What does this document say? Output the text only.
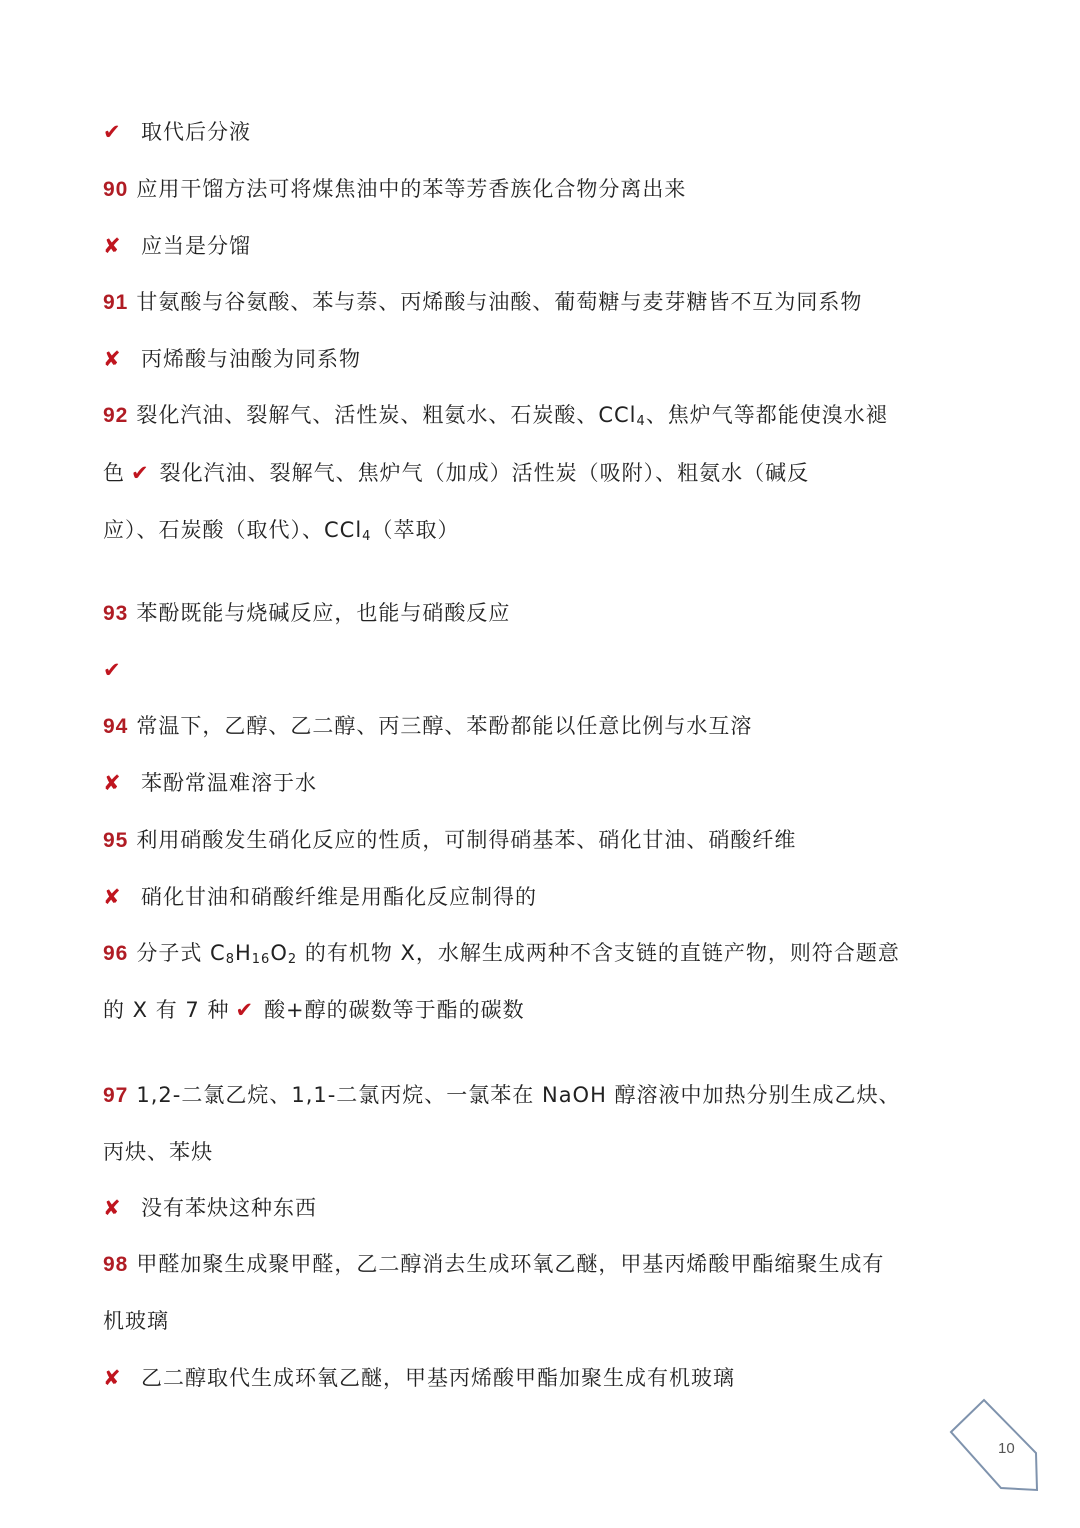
✔ 取代后分液
90 应用干馏方法可将煤焦油中的苯等芳香族化合物分离出来
✘ 应当是分馏
91 甘氨酸与谷氨酸、苯与萘、丙烯酸与油酸、葡萄糖与麦芽糖皆不互为同系物
✘ 丙烯酸与油酸为同系物
92 裂化汽油、裂解气、活性炭、粗氨水、石炭酸、CCl$_4$、焦炉气等都能使溴水褪
色 ✔ 裂化汽油、裂解气、焦炉气（加成）活性炭（吸附）、粗氨水（碱反
应）、石炭酸（取代）、CCl$_4$（萃取）
93 苯酚既能与烧碱反应，也能与硝酸反应
✔
94 常温下，乙醇、乙二醇、丙三醇、苯酚都能以任意比例与水互溶
✘ 苯酚常温难溶于水
95 利用硝酸发生硝化反应的性质，可制得硝基苯、硝化甘油、硝酸纤维
✘ 硝化甘油和硝酸纤维是用酯化反应制得的
96 分子式 $C_8H_{16}O_2$ 的有机物 X，水解生成两种不含支链的直链产物，则符合题意
的 X 有 7 种 ✔ 酸+醇的碳数等于酯的碳数
97 1,2-二氯乙烷、1,1-二氯丙烷、一氯苯在 NaOH 醇溶液中加热分别生成乙炔、
丙炔、苯炔
✘ 没有苯炔这种东西
98 甲醛加聚生成聚甲醛，乙二醇消去生成环氧乙醚，甲基丙烯酸甲酯缩聚生成有
机玻璃
✘ 乙二醇取代生成环氧乙醚，甲基丙烯酸甲酯加聚生成有机玻璃
10
